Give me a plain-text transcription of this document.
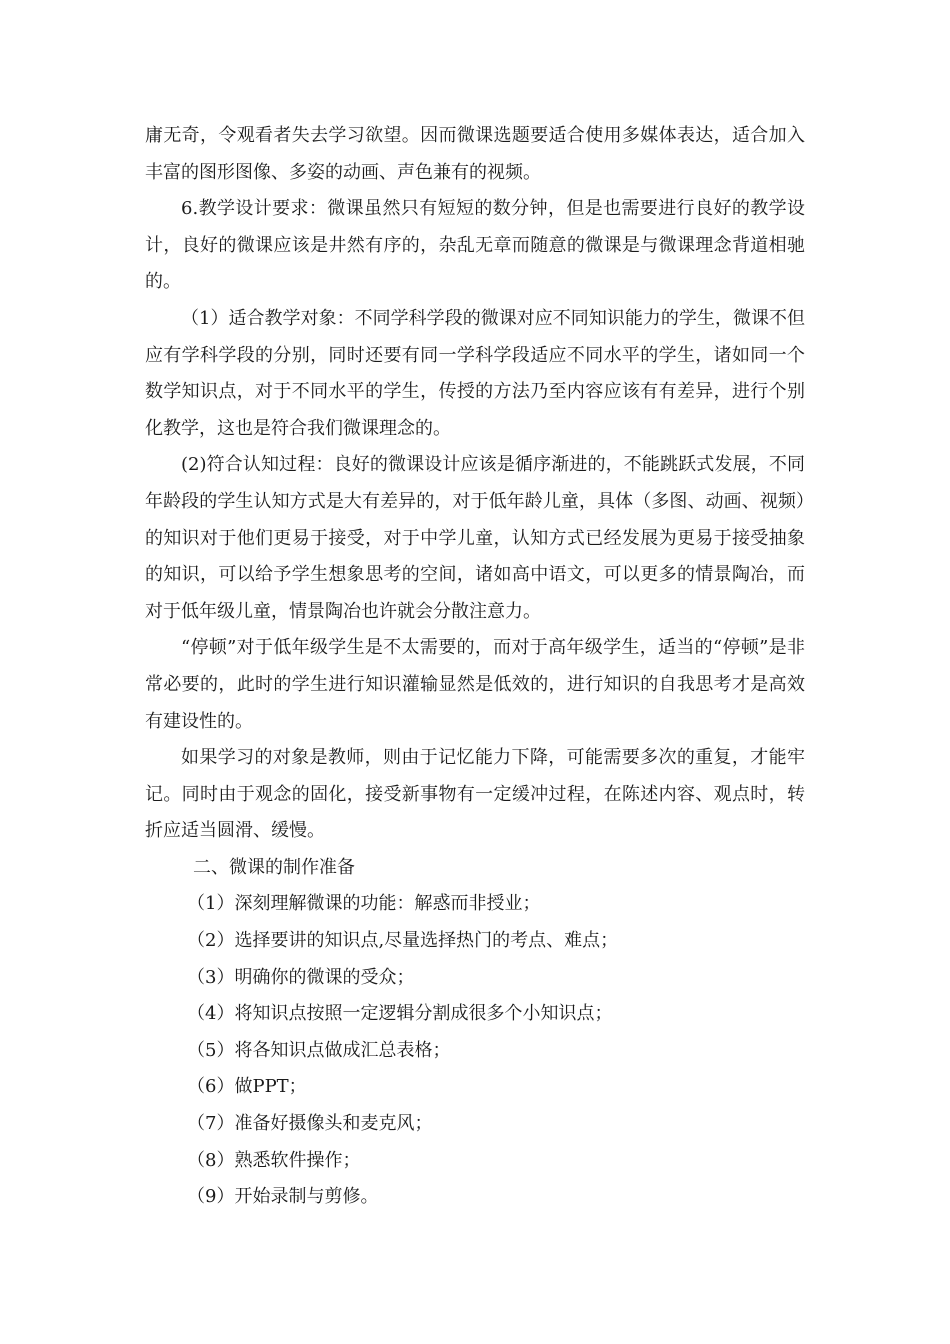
庸无奇，令观看者失去学习欲望。因而微课选题要适合使用多媒体表达，适合加入丰富的图形图像、多姿的动画、声色兼有的视频。

6.教学设计要求：微课虽然只有短短的数分钟，但是也需要进行良好的教学设计，良好的微课应该是井然有序的，杂乱无章而随意的微课是与微课理念背道相驰的。

（1）适合教学对象：不同学科学段的微课对应不同知识能力的学生，微课不但应有学科学段的分别，同时还要有同一学科学段适应不同水平的学生，诸如同一个数学知识点，对于不同水平的学生，传授的方法乃至内容应该有有差异，进行个别化教学，这也是符合我们微课理念的。

(2)符合认知过程：良好的微课设计应该是循序渐进的，不能跳跃式发展，不同年龄段的学生认知方式是大有差异的，对于低年龄儿童，具体（多图、动画、视频）的知识对于他们更易于接受，对于中学儿童，认知方式已经发展为更易于接受抽象的知识，可以给予学生想象思考的空间，诸如高中语文，可以更多的情景陶冶，而对于低年级儿童，情景陶冶也许就会分散注意力。

“停顿”对于低年级学生是不太需要的，而对于高年级学生，适当的“停顿”是非常必要的，此时的学生进行知识灌输显然是低效的，进行知识的自我思考才是高效有建设性的。

如果学习的对象是教师，则由于记忆能力下降，可能需要多次的重复，才能牢记。同时由于观念的固化，接受新事物有一定缓冲过程，在陈述内容、观点时，转折应适当圆滑、缓慢。

二、微课的制作准备

（1）深刻理解微课的功能：解惑而非授业；

（2）选择要讲的知识点,尽量选择热门的考点、难点；

（3）明确你的微课的受众；

（4）将知识点按照一定逻辑分割成很多个小知识点；

（5）将各知识点做成汇总表格；

（6）做PPT；

（7）准备好摄像头和麦克风；

（8）熟悉软件操作；

（9）开始录制与剪修。
